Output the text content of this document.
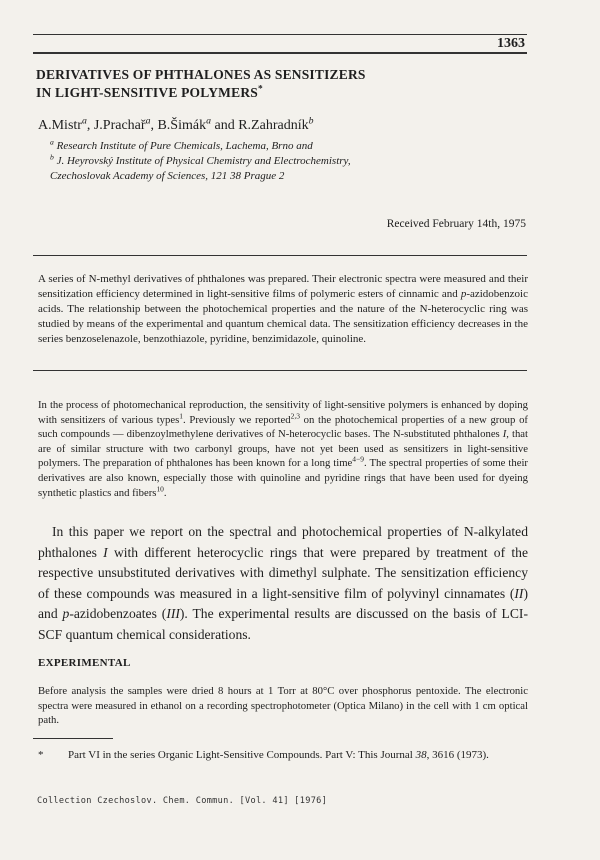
1363
DERIVATIVES OF PHTHALONES AS SENSITIZERS
IN LIGHT-SENSITIVE POLYMERS*
A.Mistr$^a$, J.Prachař$^a$, B.Šimák$^a$ and R.Zahradník$^b$
$^a$ Research Institute of Pure Chemicals, Lachema, Brno and
$^b$ J. Heyrovský Institute of Physical Chemistry and Electrochemistry,
Czechoslovak Academy of Sciences, 121 38 Prague 2
Received February 14th, 1975
A series of N-methyl derivatives of phthalones was prepared. Their electronic spectra were measured and their sensitization efficiency determined in light-sensitive films of polymeric esters of cinnamic and p-azidobenzoic acids. The relationship between the photochemical properties and the nature of the N-heterocyclic ring was studied by means of the experimental and quantum chemical data. The sensitization efficiency decreases in the series benzoselenazole, benzothiazole, pyridine, benzimidazole, quinoline.
In the process of photomechanical reproduction, the sensitivity of light-sensitive polymers is enhanced by doping with sensitizers of various types$^1$. Previously we reported$^{2,3}$ on the photochemical properties of a new group of such compounds — dibenzoylmethylene derivatives of N-heterocyclic bases. The N-substituted phthalones I, that are of similar structure with two carbonyl groups, have not yet been used as sensitizers in light-sensitive polymers. The preparation of phthalones has been known for a long time$^{4-9}$. The spectral properties of some their derivatives are also known, especially those with quinoline and pyridine rings that have been used for dyeing synthetic plastics and fibers$^{10}$.
In this paper we report on the spectral and photochemical properties of N-alkylated phthalones I with different heterocyclic rings that were prepared by treatment of the respective unsubstituted derivatives with dimethyl sulphate. The sensitization efficiency of these compounds was measured in a light-sensitive film of polyvinyl cinnamates (II) and p-azidobenzoates (III). The experimental results are discussed on the basis of LCI-SCF quantum chemical considerations.
EXPERIMENTAL
Before analysis the samples were dried 8 hours at 1 Torr at 80°C over phosphorus pentoxide. The electronic spectra were measured in ethanol on a recording spectrophotometer (Optica Milano) in the cell with 1 cm optical path.
* Part VI in the series Organic Light-Sensitive Compounds. Part V: This Journal 38, 3616 (1973).
Collection Czechoslov. Chem. Commun. [Vol. 41] [1976]
